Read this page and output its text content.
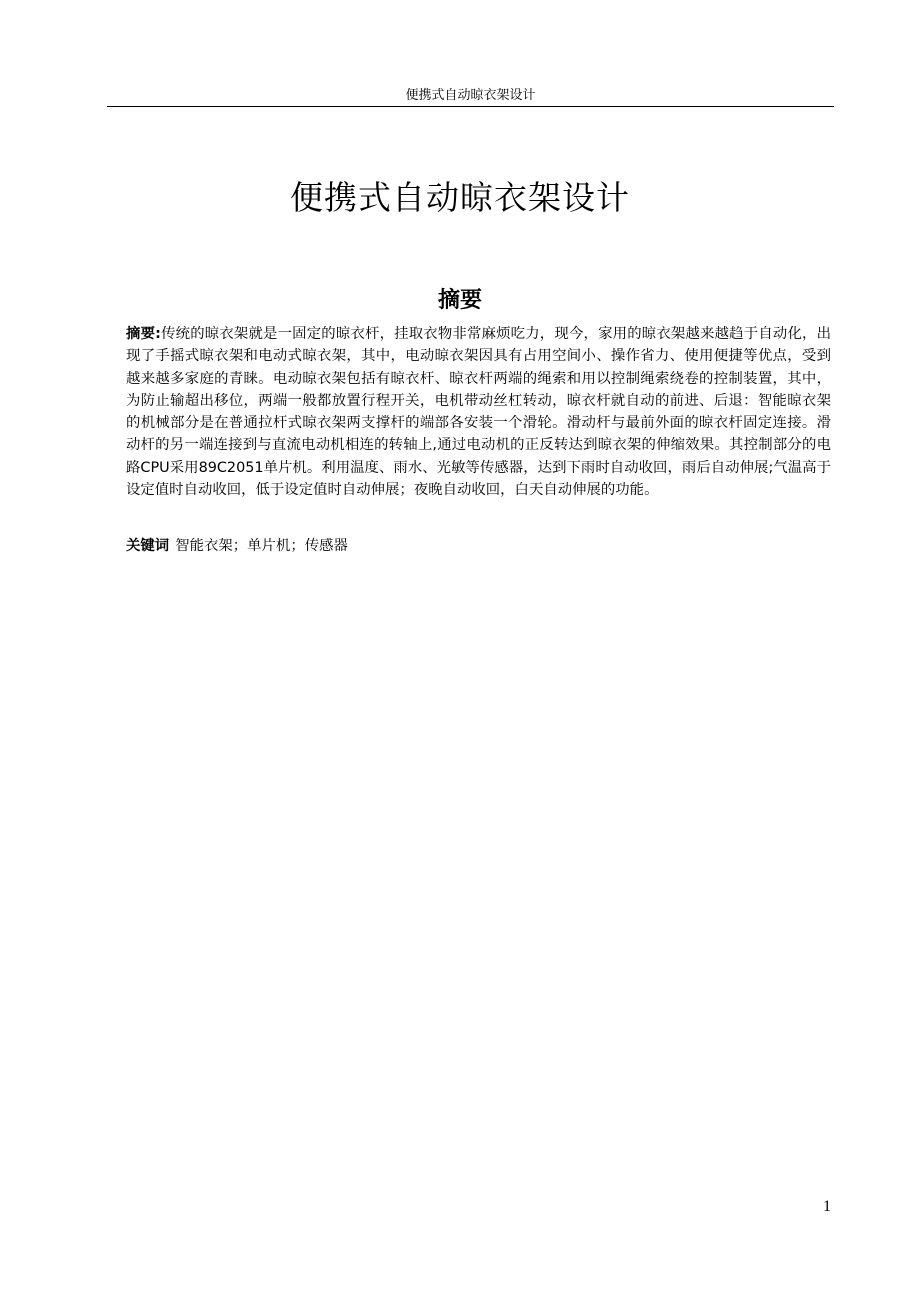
便携式自动晾衣架设计
便携式自动晾衣架设计
摘要
摘要:传统的晾衣架就是一固定的晾衣杆，挂取衣物非常麻烦吃力，现今，家用的晾衣架越来越趋于自动化，出现了手摇式晾衣架和电动式晾衣架，其中，电动晾衣架因具有占用空间小、操作省力、使用便捷等优点，受到越来越多家庭的青睐。电动晾衣架包括有晾衣杆、晾衣杆两端的绳索和用以控制绳索绕卷的控制装置，其中，为防止输超出移位，两端一般都放置行程开关，电机带动丝杠转动，晾衣杆就自动的前进、后退：智能晾衣架的机械部分是在普通拉杆式晾衣架两支撑杆的端部各安装一个滑轮。滑动杆与最前外面的晾衣杆固定连接。滑动杆的另一端连接到与直流电动机相连的转轴上,通过电动机的正反转达到晾衣架的伸缩效果。其控制部分的电路CPU采用89C2051单片机。利用温度、雨水、光敏等传感器，达到下雨时自动收回，雨后自动伸展;气温高于设定值时自动收回，低于设定值时自动伸展；夜晚自动收回，白天自动伸展的功能。
关键词 智能衣架；单片机；传感器
1
